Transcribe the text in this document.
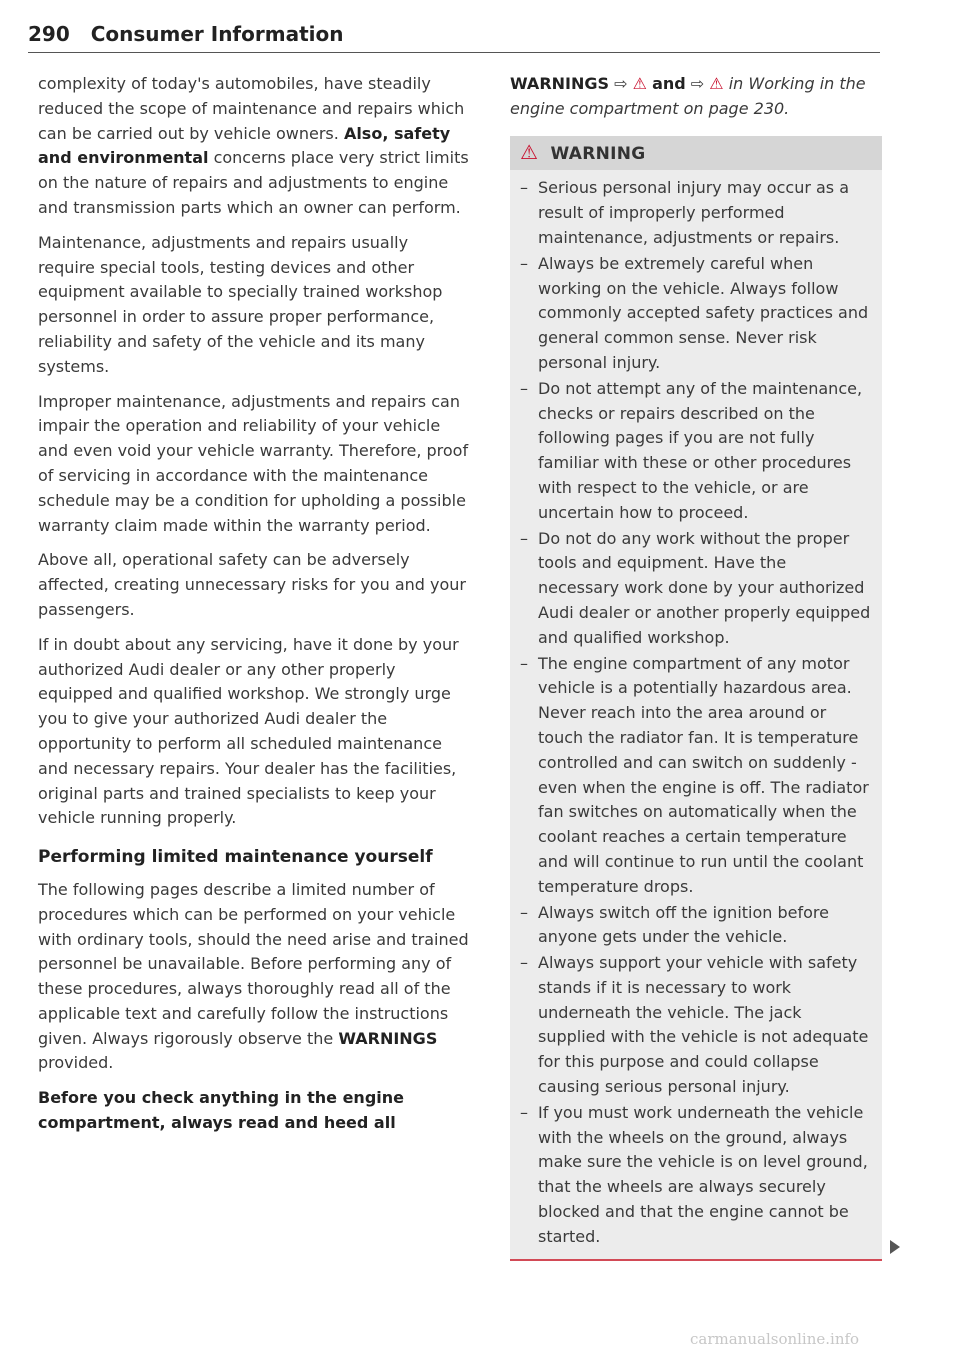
290 Consumer Information

complexity of today's automobiles, have steadily reduced the scope of maintenance and repairs which can be carried out by vehicle owners. Also, safety and environmental concerns place very strict limits on the nature of repairs and adjustments to engine and transmission parts which an owner can perform.

Maintenance, adjustments and repairs usually require special tools, testing devices and other equipment available to specially trained workshop personnel in order to assure proper performance, reliability and safety of the vehicle and its many systems.

Improper maintenance, adjustments and repairs can impair the operation and reliability of your vehicle and even void your vehicle warranty. Therefore, proof of servicing in accordance with the maintenance schedule may be a condition for upholding a possible warranty claim made within the warranty period.

Above all, operational safety can be adversely affected, creating unnecessary risks for you and your passengers.

If in doubt about any servicing, have it done by your authorized Audi dealer or any other properly equipped and qualified workshop. We strongly urge you to give your authorized Audi dealer the opportunity to perform all scheduled maintenance and necessary repairs. Your dealer has the facilities, original parts and trained specialists to keep your vehicle running properly.

Performing limited maintenance yourself

The following pages describe a limited number of procedures which can be performed on your vehicle with ordinary tools, should the need arise and trained personnel be unavailable. Before performing any of these procedures, always thoroughly read all of the applicable text and carefully follow the instructions given. Always rigorously observe the WARNINGS provided.

Before you check anything in the engine compartment, always read and heed all

WARNINGS ⇨ ⚠ and ⇨ ⚠ in Working in the engine compartment on page 230.

⚠ WARNING
– Serious personal injury may occur as a result of improperly performed maintenance, adjustments or repairs.
– Always be extremely careful when working on the vehicle. Always follow commonly accepted safety practices and general common sense. Never risk personal injury.
– Do not attempt any of the maintenance, checks or repairs described on the following pages if you are not fully familiar with these or other procedures with respect to the vehicle, or are uncertain how to proceed.
– Do not do any work without the proper tools and equipment. Have the necessary work done by your authorized Audi dealer or another properly equipped and qualified workshop.
– The engine compartment of any motor vehicle is a potentially hazardous area. Never reach into the area around or touch the radiator fan. It is temperature controlled and can switch on suddenly - even when the engine is off. The radiator fan switches on automatically when the coolant reaches a certain temperature and will continue to run until the coolant temperature drops.
– Always switch off the ignition before anyone gets under the vehicle.
– Always support your vehicle with safety stands if it is necessary to work underneath the vehicle. The jack supplied with the vehicle is not adequate for this purpose and could collapse causing serious personal injury.
– If you must work underneath the vehicle with the wheels on the ground, always make sure the vehicle is on level ground, that the wheels are always securely blocked and that the engine cannot be started.
carmanualsonline.info
